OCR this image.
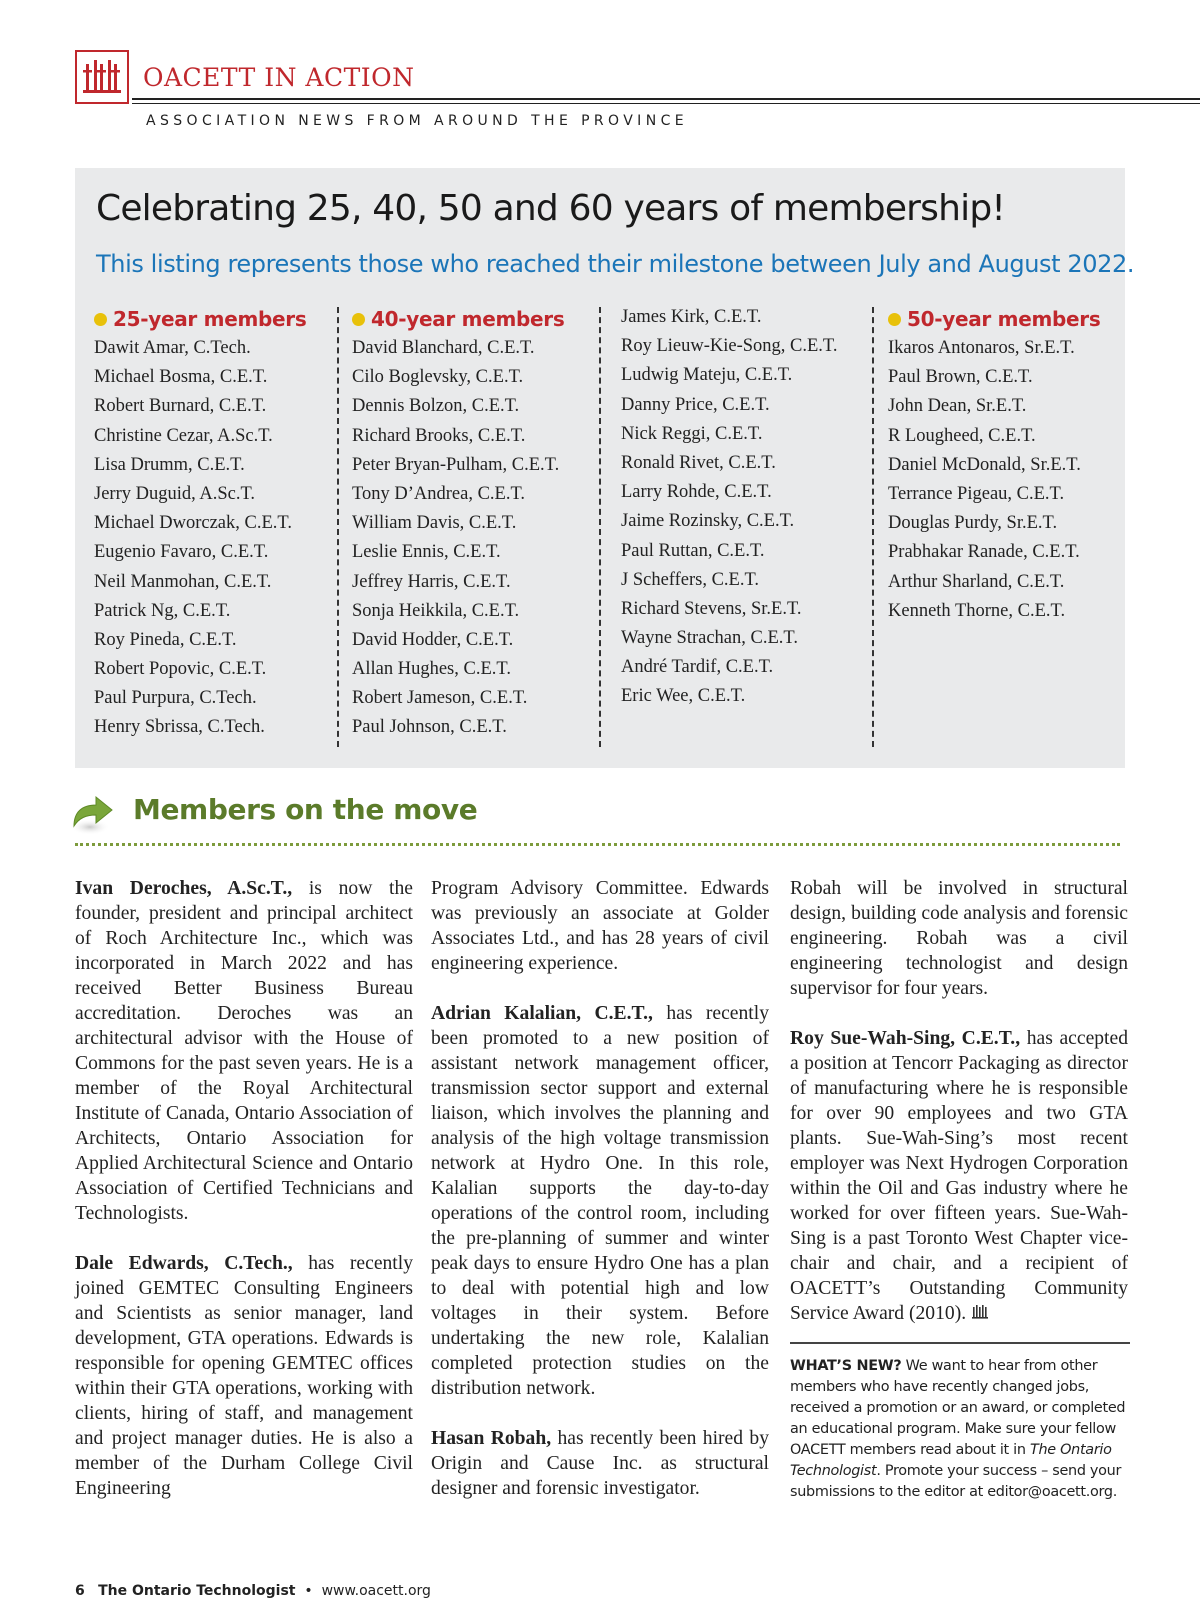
OACETT IN ACTION
ASSOCIATION NEWS FROM AROUND THE PROVINCE
Celebrating 25, 40, 50 and 60 years of membership!
This listing represents those who reached their milestone between July and August 2022.
25-year members
Dawit Amar, C.Tech.
Michael Bosma, C.E.T.
Robert Burnard, C.E.T.
Christine Cezar, A.Sc.T.
Lisa Drumm, C.E.T.
Jerry Duguid, A.Sc.T.
Michael Dworczak, C.E.T.
Eugenio Favaro, C.E.T.
Neil Manmohan, C.E.T.
Patrick Ng, C.E.T.
Roy Pineda, C.E.T.
Robert Popovic, C.E.T.
Paul Purpura, C.Tech.
Henry Sbrissa, C.Tech.
40-year members
David Blanchard, C.E.T.
Cilo Boglevsky, C.E.T.
Dennis Bolzon, C.E.T.
Richard Brooks, C.E.T.
Peter Bryan-Pulham, C.E.T.
Tony D’Andrea, C.E.T.
William Davis, C.E.T.
Leslie Ennis, C.E.T.
Jeffrey Harris, C.E.T.
Sonja Heikkila, C.E.T.
David Hodder, C.E.T.
Allan Hughes, C.E.T.
Robert Jameson, C.E.T.
Paul Johnson, C.E.T.
James Kirk, C.E.T.
Roy Lieuw-Kie-Song, C.E.T.
Ludwig Mateju, C.E.T.
Danny Price, C.E.T.
Nick Reggi, C.E.T.
Ronald Rivet, C.E.T.
Larry Rohde, C.E.T.
Jaime Rozinsky, C.E.T.
Paul Ruttan, C.E.T.
J Scheffers, C.E.T.
Richard Stevens, Sr.E.T.
Wayne Strachan, C.E.T.
André Tardif, C.E.T.
Eric Wee, C.E.T.
50-year members
Ikaros Antonaros, Sr.E.T.
Paul Brown, C.E.T.
John Dean, Sr.E.T.
R Lougheed, C.E.T.
Daniel McDonald, Sr.E.T.
Terrance Pigeau, C.E.T.
Douglas Purdy, Sr.E.T.
Prabhakar Ranade, C.E.T.
Arthur Sharland, C.E.T.
Kenneth Thorne, C.E.T.
Members on the move

Ivan Deroches, A.Sc.T., is now the founder, president and principal architect of Roch Architecture Inc., which was incorporated in March 2022 and has received Better Business Bureau accreditation. Deroches was an architectural advisor with the House of Commons for the past seven years. He is a member of the Royal Architectural Institute of Canada, Ontario Association of Architects, Ontario Association for Applied Architectural Science and Ontario Association of Certified Technicians and Technologists.

Dale Edwards, C.Tech., has recently joined GEMTEC Consulting Engineers and Scientists as senior manager, land development, GTA operations. Edwards is responsible for opening GEMTEC offices within their GTA operations, working with clients, hiring of staff, and management and project manager duties. He is also a member of the Durham College Civil Engineering

Program Advisory Committee. Edwards was previously an associate at Golder Associates Ltd., and has 28 years of civil engineering experience.

Adrian Kalalian, C.E.T., has recently been promoted to a new position of assistant network management officer, transmission sector support and external liaison, which involves the planning and analysis of the high voltage transmission network at Hydro One. In this role, Kalalian supports the day-to-day operations of the control room, including the pre-planning of summer and winter peak days to ensure Hydro One has a plan to deal with potential high and low voltages in their system. Before undertaking the new role, Kalalian completed protection studies on the distribution network.

Hasan Robah, has recently been hired by Origin and Cause Inc. as structural designer and forensic investigator.

Robah will be involved in structural design, building code analysis and forensic engineering. Robah was a civil engineering technologist and design supervisor for four years.

Roy Sue-Wah-Sing, C.E.T., has accepted a position at Tencorr Packaging as director of manufacturing where he is responsible for over 90 employees and two GTA plants. Sue-Wah-Sing’s most recent employer was Next Hydrogen Corporation within the Oil and Gas industry where he worked for over fifteen years. Sue-Wah-Sing is a past Toronto West Chapter vice-chair and chair, and a recipient of OACETT’s Outstanding Community Service Award (2010).

WHAT’S NEW? We want to hear from other members who have recently changed jobs, received a promotion or an award, or completed an educational program. Make sure your fellow OACETT members read about it in The Ontario Technologist. Promote your success – send your submissions to the editor at editor@oacett.org.
6 The Ontario Technologist • www.oacett.org
